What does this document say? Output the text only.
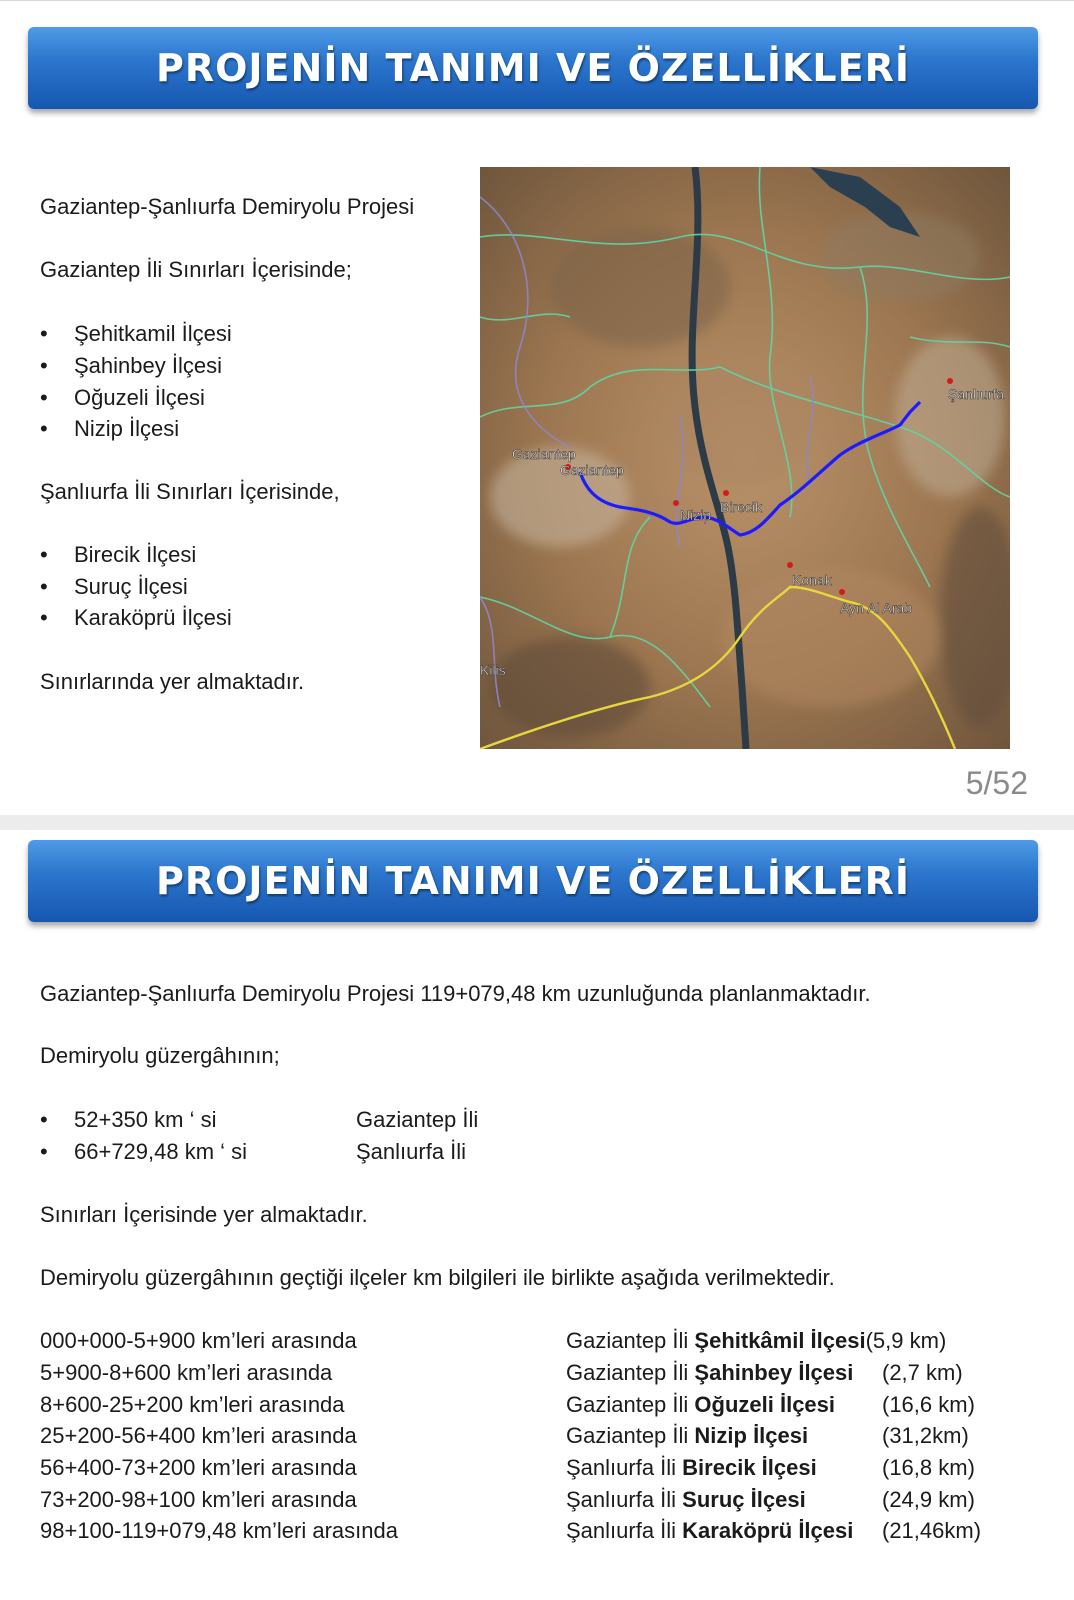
PROJENİN TANIMI VE ÖZELLİKLERİ
Gaziantep-Şanlıurfa Demiryolu Projesi
Gaziantep İli Sınırları İçerisinde;
• Şehitkamil İlçesi
• Şahinbey İlçesi
• Oğuzeli İlçesi
• Nizip İlçesi
Şanlıurfa İli Sınırları İçerisinde,
• Birecik İlçesi
• Suruç İlçesi
• Karaköprü İlçesi
Sınırlarında yer almaktadır.
Gaziantep
Gaziantep
Nizip Birecik
Konak
Ayn Al Arab
Şanlıurfa
Kilis
5/52
PROJENİN TANIMI VE ÖZELLİKLERİ
Gaziantep-Şanlıurfa Demiryolu Projesi 119+079,48 km uzunluğunda planlanmaktadır.
Demiryolu güzergâhının;
• 52+350 km ‘ si	Gaziantep İli
• 66+729,48 km ‘ si	Şanlıurfa İli
Sınırları İçerisinde yer almaktadır.
Demiryolu güzergâhının geçtiği ilçeler km bilgileri ile birlikte aşağıda verilmektedir.
000+000-5+900 km’leri arasında	Gaziantep İli Şehitkâmil İlçesi(5,9 km)
5+900-8+600 km’leri arasında	Gaziantep İli Şahinbey İlçesi (2,7 km)
8+600-25+200 km’leri arasında	Gaziantep İli Oğuzeli İlçesi (16,6 km)
25+200-56+400 km’leri arasında	Gaziantep İli Nizip İlçesi	(31,2km)
56+400-73+200 km’leri arasında	Şanlıurfa İli Birecik İlçesi	(16,8 km)
73+200-98+100 km’leri arasında	Şanlıurfa İli Suruç İlçesi	(24,9 km)
98+100-119+079,48 km’leri arasında	Şanlıurfa İli Karaköprü İlçesi (21,46km)
